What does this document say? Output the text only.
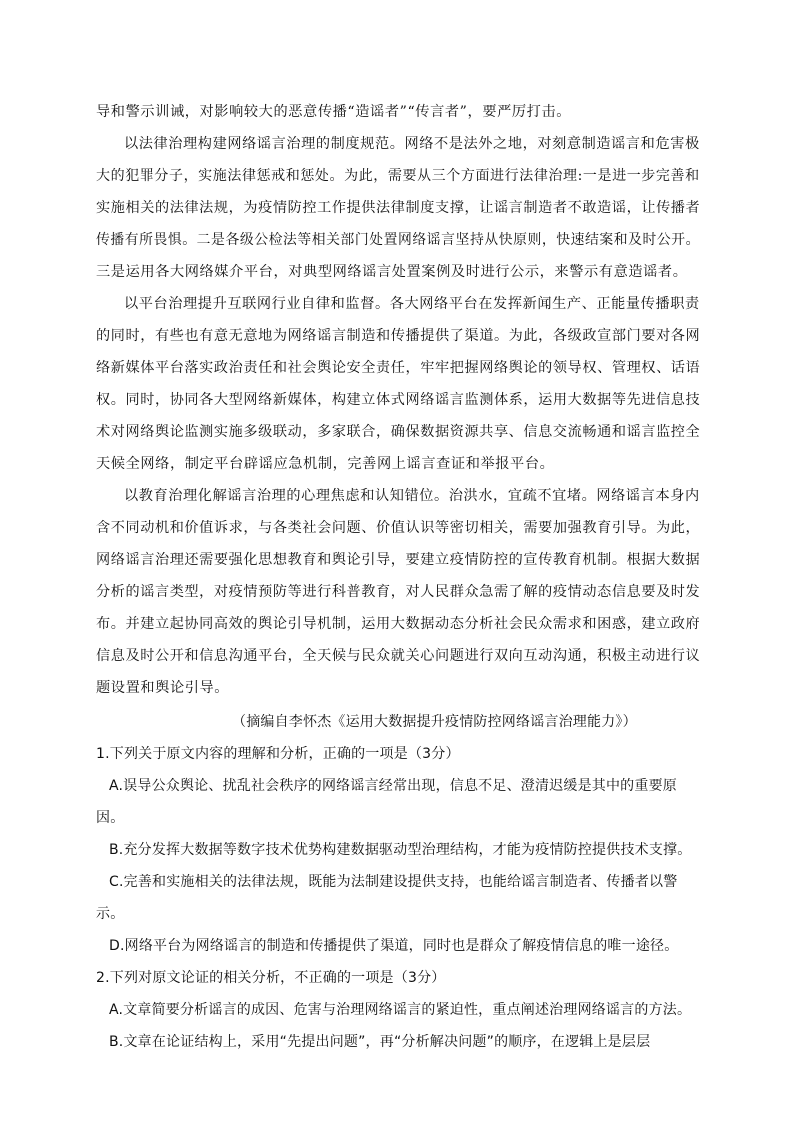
导和警示训诫，对影响较大的恶意传播“造谣者”“传言者”，要严厉打击。
以法律治理构建网络谣言治理的制度规范。网络不是法外之地，对刻意制造谣言和危害极
大的犯罪分子，实施法律惩戒和惩处。为此，需要从三个方面进行法律治理:一是进一步完善和
实施相关的法律法规，为疫情防控工作提供法律制度支撑，让谣言制造者不敢造谣，让传播者
传播有所畏惧。二是各级公检法等相关部门处置网络谣言坚持从快原则，快速结案和及时公开。
三是运用各大网络媒介平台，对典型网络谣言处置案例及时进行公示，来警示有意造谣者。
以平台治理提升互联网行业自律和监督。各大网络平台在发挥新闻生产、正能量传播职责
的同时，有些也有意无意地为网络谣言制造和传播提供了渠道。为此，各级政宣部门要对各网
络新媒体平台落实政治责任和社会舆论安全责任，牢牢把握网络舆论的领导权、管理权、话语
权。同时，协同各大型网络新媒体，构建立体式网络谣言监测体系，运用大数据等先进信息技
术对网络舆论监测实施多级联动，多家联合，确保数据资源共享、信息交流畅通和谣言监控全
天候全网络，制定平台辟谣应急机制，完善网上谣言查证和举报平台。
以教育治理化解谣言治理的心理焦虑和认知错位。治洪水，宜疏不宜堵。网络谣言本身内
含不同动机和价值诉求，与各类社会问题、价值认识等密切相关，需要加强教育引导。为此，
网络谣言治理还需要强化思想教育和舆论引导，要建立疫情防控的宣传教育机制。根据大数据
分析的谣言类型，对疫情预防等进行科普教育，对人民群众急需了解的疫情动态信息要及时发
布。并建立起协同高效的舆论引导机制，运用大数据动态分析社会民众需求和困惑，建立政府
信息及时公开和信息沟通平台，全天候与民众就关心问题进行双向互动沟通，积极主动进行议
题设置和舆论引导。
（摘编自李怀杰《运用大数据提升疫情防控网络谣言治理能力》）
1.下列关于原文内容的理解和分析，正确的一项是（3分）
A.误导公众舆论、扰乱社会秩序的网络谣言经常出现，信息不足、澄清迟缓是其中的重要原
因。
B.充分发挥大数据等数字技术优势构建数据驱动型治理结构，才能为疫情防控提供技术支撑。
C.完善和实施相关的法律法规，既能为法制建设提供支持，也能给谣言制造者、传播者以警
示。
D.网络平台为网络谣言的制造和传播提供了渠道，同时也是群众了解疫情信息的唯一途径。
2.下列对原文论证的相关分析，不正确的一项是（3分）
A.文章简要分析谣言的成因、危害与治理网络谣言的紧迫性，重点阐述治理网络谣言的方法。
B.文章在论证结构上，采用“先提出问题”，再“分析解决问题”的顺序，在逻辑上是层层
